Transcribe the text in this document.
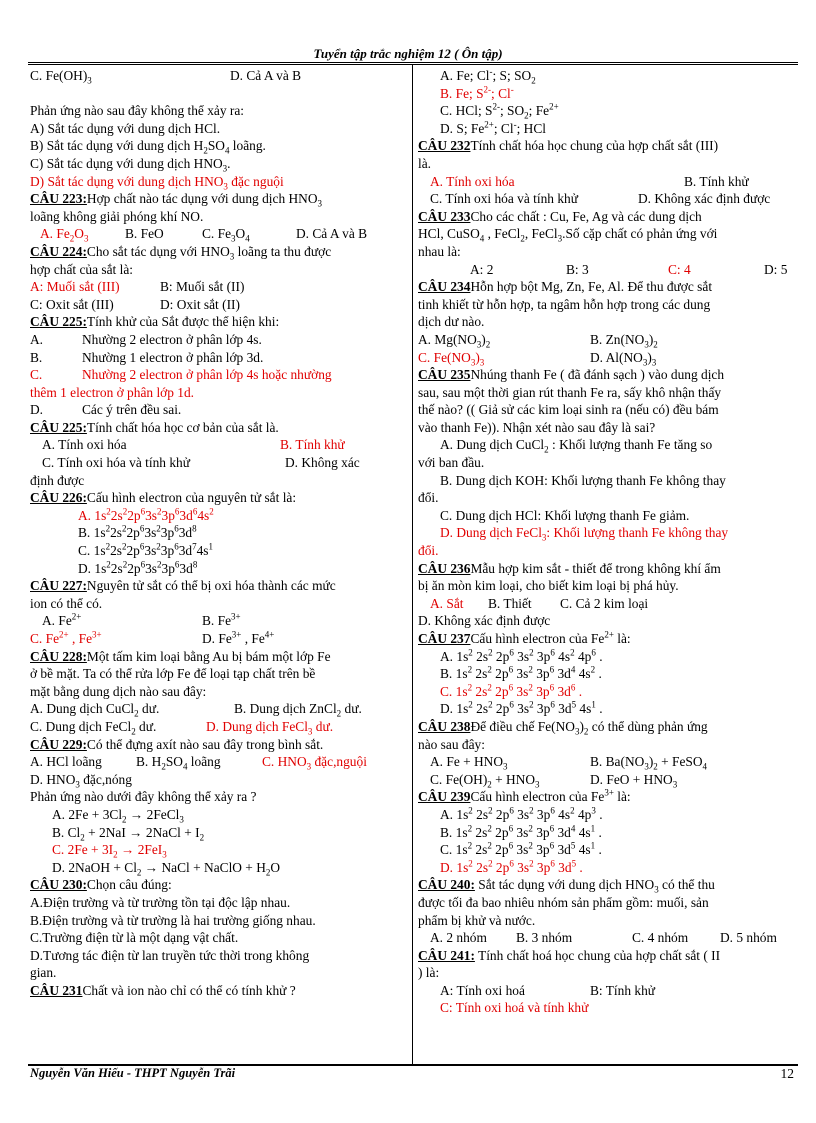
Tuyển tập trắc nghiệm 12 ( Ôn tập)
C. $Fe(OH)_3$	D. Cả A và B
Phản ứng nào sau đây không thể xảy ra:
A) Sắt tác dụng với dung dịch HCl.
B) Sắt tác dụng với dung dịch $H_2SO_4$ loãng.
C) Sắt tác dụng với dung dịch $HNO_3$.
D) Sắt tác dụng với dung dịch $HNO_3$ đặc nguội
CÂU 223:Hợp chất nào tác dụng với dung dịch $HNO_3$
loãng không giải phóng khí NO.
A. $Fe_2O_3$	B. FeO	C. $Fe_3O_4$	D. Cả A và B
CÂU 224:Cho sắt tác dụng với $HNO_3$ loãng ta thu được
hợp chất của sắt là:
A: Muối sắt (III)	B: Muối sắt (II)
C: Oxit sắt (III)	D: Oxit sắt (II)
CÂU 225:Tính khử của Sắt được thể hiện khi:
A.	Nhường 2 electron ở phân lớp 4s.
B.	Nhường 1 electron ở phân lớp 3d.
C.	Nhường 2 electron ở phân lớp 4s hoặc nhường
thêm 1 electron ở phân lớp 1d.
D.	Các ý trên đều sai.
CÂU 225:Tính chất hóa học cơ bản của sắt là.
A. Tính oxi hóa	B. Tính khử
C. Tính oxi hóa và tính khử	D. Không xác
định được
CÂU 226:Cấu hình electron của nguyên tử sắt là:
A. $1s^22s^22p^63s^23p^63d^64s^2$
B. $1s^22s^22p^63s^23p^63d^8$
C. $1s^22s^22p^63s^23p^63d^74s^1$
D. $1s^22s^22p^63s^23p^63d^8$
CÂU 227:Nguyên tử sắt có thể bị oxi hóa thành các mức
ion có thể có.
A. $Fe^{2+}$	B. $Fe^{3+}$
C. $Fe^{2+}$ , $Fe^{3+}$	D. $Fe^{3+}$ , $Fe^{4+}$
CÂU 228:Một tấm kim loại bằng Au bị bám một lớp Fe
ở bề mặt. Ta có thể rửa lớp Fe để loại tạp chất trên bề
mặt bằng dung dịch nào sau đây:
A. Dung dịch CuCl$_2$ dư.	B. Dung dịch ZnCl$_2$ dư.
C. Dung dịch FeCl$_2$ dư.	D. Dung dịch FeCl$_3$ dư.
CÂU 229:Có thể đựng axít nào sau đây trong bình sắt.
A. HCl loãng	B. $H_2SO_4$ loãng	C. $HNO_3$ đặc,nguội
D. $HNO_3$ đặc,nóng
Phản ứng nào dưới đây không thể xảy ra ?
A. $2Fe + 3Cl_2$ → 2FeCl$_3$
B. $Cl_2 + 2NaI$ → 2NaCl + $I_2$
C. $2Fe + 3I_2 \to 2FeI_3$
D. 2NaOH + $Cl_2$ → NaCl + NaClO + $H_2O$
CÂU 230:Chọn câu đúng:
A.Điện trường và từ trường tồn tại độc lập nhau.
B.Điện trường và từ trường là hai trường giống nhau.
C.Trường điện từ là một dạng vật chất.
D.Tương tác điện từ lan truyền tức thời trong không
gian.
CÂU 231Chất và ion nào chỉ có thể có tính khử ?
A. Fe; Cl-; S; $SO_2$
B. Fe; $S^{2-}$; Cl-
C. HCl; $S^{2-}$; $SO_2$; $Fe^{2+}$
D. S; $Fe^{2+}$; Cl-; HCl
CÂU 232Tính chất hóa học chung của hợp chất sắt (III)
là.
A. Tính oxi hóa	B. Tính khử
C. Tính oxi hóa và tính khử	D. Không xác định được
CÂU 233Cho các chất : Cu, Fe, Ag và các dung dịch
HCl, CuSO$_4$ , FeCl$_2$, FeCl$_3$.Số cặp chất có phản ứng với
nhau là:
A: 2	B: 3	C: 4	D: 5
CÂU 234Hỗn hợp bột Mg, Zn, Fe, Al. Để thu được sắt
tinh khiết từ hỗn hợp, ta ngâm hỗn hợp trong các dung
dịch dư nào.
A. $Mg(NO_3)_2$	B. $Zn(NO_3)_2$
C. $Fe(NO_3)_3$	D. $Al(NO_3)_3$
CÂU 235Nhúng thanh Fe ( đã đánh sạch ) vào dung dịch
sau, sau một thời gian rút thanh Fe ra, sấy khô nhận thấy
thế nào? (( Giả sử các kim loại sinh ra (nếu có) đều bám
vào thanh Fe)). Nhận xét nào sau đây là sai?
A. Dung dịch CuCl$_2$ : Khối lượng thanh Fe tăng so
với ban đầu.
B. Dung dịch KOH: Khối lượng thanh Fe không thay
đổi.
C. Dung dịch HCl: Khối lượng thanh Fe giảm.
D. Dung dịch FeCl$_3$: Khối lượng thanh Fe không thay
đổi.
CÂU 236Mẫu hợp kim sắt - thiết để trong không khí ẩm
bị ăn mòn kim loại, cho biết kim loại bị phá hủy.
A. Sắt B. Thiết C. Cả 2 kim loại
D. Không xác định được
CÂU 237Cấu hình electron của $Fe^{2+}$ là:
A. $1s^2$ $2s^2$ $2p^6$ $3s^2$ $3p^6$ $4s^2$ $4p^6$ .
B. $1s^2$ $2s^2$ $2p^6$ $3s^2$ $3p^6$ $3d^4$ $4s^2$ .
C. $1s^2$ $2s^2$ $2p^6$ $3s^2$ $3p^6$ $3d^6$ .
D. $1s^2$ $2s^2$ $2p^6$ $3s^2$ $3p^6$ $3d^5$ $4s^1$ .
CÂU 238Để điều chế $Fe(NO_3)_2$ có thể dùng phản ứng
nào sau đây:
A. $Fe + HNO_3$	B. $Ba(NO_3)_2$ + FeSO$_4$
C. $Fe(OH)_2 + HNO_3$	D. FeO + $HNO_3$
CÂU 239Cấu hình electron của $Fe^{3+}$ là:
A. $1s^2$ $2s^2$ $2p^6$ $3s^2$ $3p^6$ $4s^2$ $4p^3$ .
B. $1s^2$ $2s^2$ $2p^6$ $3s^2$ $3p^6$ $3d^4$ $4s^1$ .
C. $1s^2$ $2s^2$ $2p^6$ $3s^2$ $3p^6$ $3d^5$ $4s^1$ .
D. $1s^2$ $2s^2$ $2p^6$ $3s^2$ $3p^6$ $3d^5$ .
CÂU 240: Sắt tác dụng với dung dịch $HNO_3$ có thể thu
được tối đa bao nhiêu nhóm sản phẩm gồm: muối, sản
phẩm bị khử và nước.
A. 2 nhóm B. 3 nhóm	C. 4 nhóm D. 5 nhóm
CÂU 241: Tính chất hoá học chung của hợp chất sắt ( II
) là:
A: Tính oxi hoá	B: Tính khử
C: Tính oxi hoá và tính khử
Nguyễn Văn Hiếu - THPT Nguyễn Trãi	12
